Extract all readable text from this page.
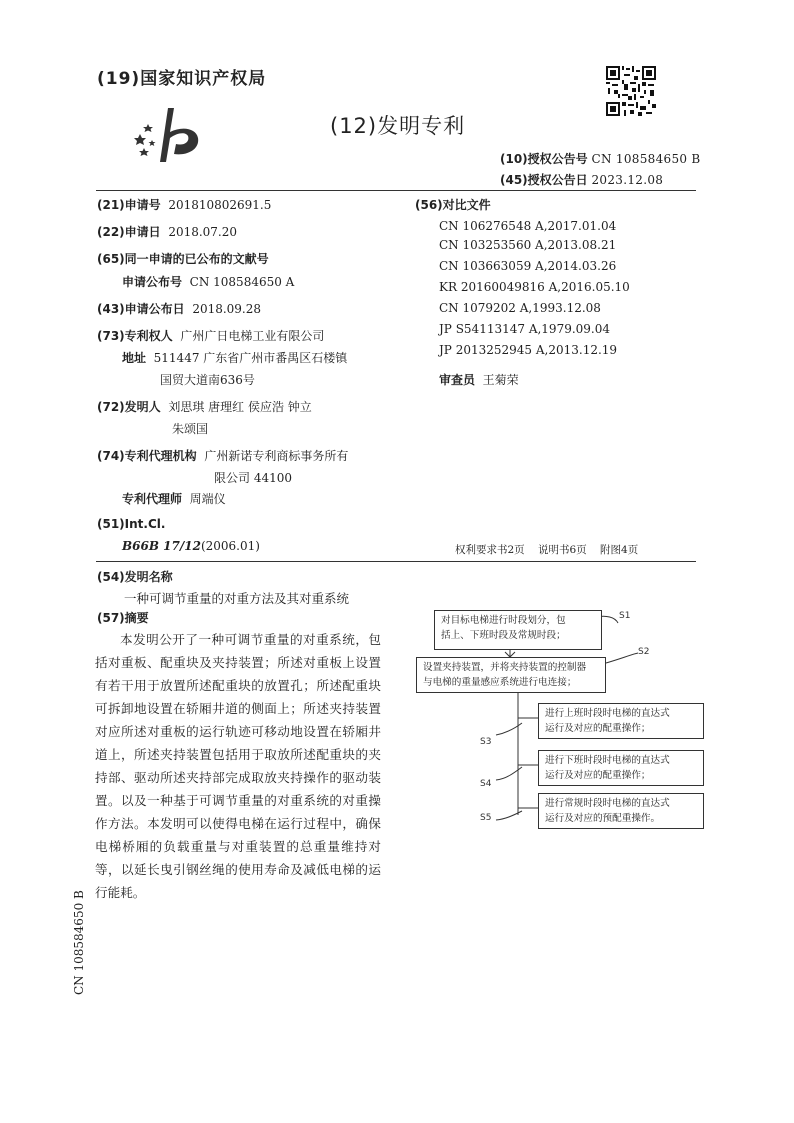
(19)国家知识产权局
(12)发明专利
(10)授权公告号 CN 108584650 B
(45)授权公告日 2023.12.08
(21)申请号 201810802691.5
(22)申请日 2018.07.20
(65)同一申请的已公布的文献号
申请公布号 CN 108584650 A
(43)申请公布日 2018.09.28
(73)专利权人 广州广日电梯工业有限公司
地址 511447 广东省广州市番禺区石楼镇
国贸大道南636号
(72)发明人 刘思琪 唐理红 侯应浩 钟立
朱颂国
(74)专利代理机构 广州新诺专利商标事务所有
限公司 44100
专利代理师 周端仪
(51)Int.Cl.
B66B 17/12(2006.01)
(56)对比文件
CN 106276548 A,2017.01.04
CN 103253560 A,2013.08.21
CN 103663059 A,2014.03.26
KR 20160049816 A,2016.05.10
CN 1079202 A,1993.12.08
JP S54113147 A,1979.09.04
JP 2013252945 A,2013.12.19
审查员 王菊荣
权利要求书2页    说明书6页    附图4页
(54)发明名称
一种可调节重量的对重方法及其对重系统
(57)摘要
本发明公开了一种可调节重量的对重系统，包括对重板、配重块及夹持装置；所述对重板上设置有若干用于放置所述配重块的放置孔；所述配重块可拆卸地设置在轿厢井道的侧面上；所述夹持装置对应所述对重板的运行轨迹可移动地设置在轿厢井道上，所述夹持装置包括用于取放所述配重块的夹持部、驱动所述夹持部完成取放夹持操作的驱动装置。以及一种基于可调节重量的对重系统的对重操作方法。本发明可以使得电梯在运行过程中，确保电梯桥厢的负载重量与对重装置的总重量维持对等，以延长曳引钢丝绳的使用寿命及减低电梯的运行能耗。
对目标电梯进行时段划分，包
括上、下班时段及常规时段；
S1
设置夹持装置，并将夹持装置的控制器
与电梯的重量感应系统进行电连接；
S2
进行上班时段时电梯的直达式
运行及对应的配重操作；
S3
进行下班时段时电梯的直达式
运行及对应的配重操作；
S4
进行常规时段时电梯的直达式
运行及对应的预配重操作。
S5
CN 108584650 B
